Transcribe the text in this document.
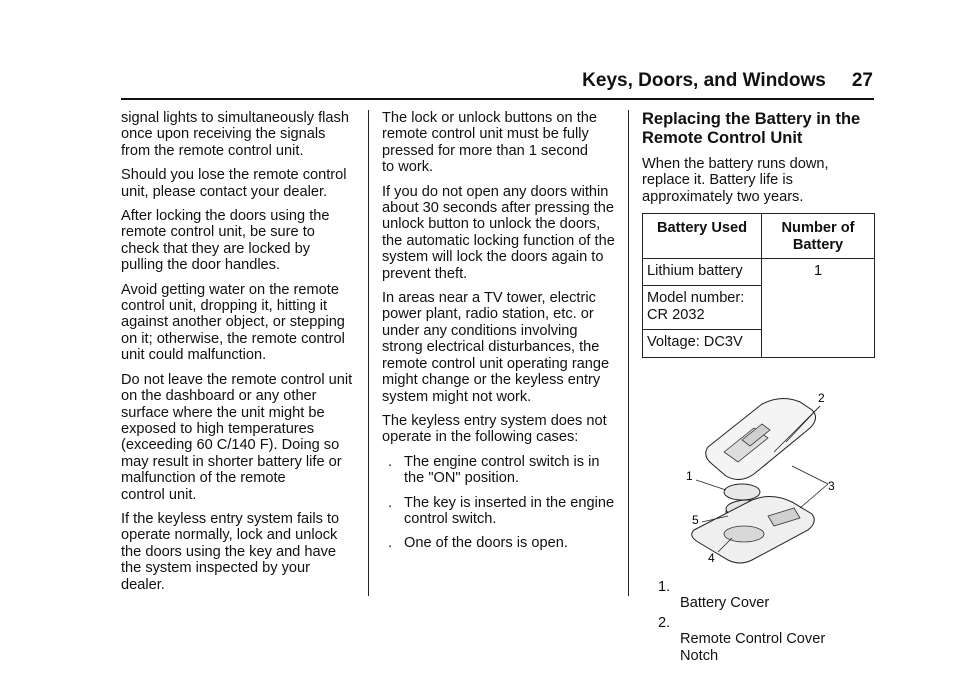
Keys, Doors, and Windows 27

signal lights to simultaneously flash
once upon receiving the signals
from the remote control unit.

Should you lose the remote control
unit, please contact your dealer.

After locking the doors using the
remote control unit, be sure to
check that they are locked by
pulling the door handles.

Avoid getting water on the remote
control unit, dropping it, hitting it
against another object, or stepping
on it; otherwise, the remote control
unit could malfunction.

Do not leave the remote control unit
on the dashboard or any other
surface where the unit might be
exposed to high temperatures
(exceeding 60 C/140 F). Doing so
may result in shorter battery life or
malfunction of the remote
control unit.

If the keyless entry system fails to
operate normally, lock and unlock
the doors using the key and have
the system inspected by your
dealer.

The lock or unlock buttons on the
remote control unit must be fully
pressed for more than 1 second
to work.

If you do not open any doors within
about 30 seconds after pressing the
unlock button to unlock the doors,
the automatic locking function of the
system will lock the doors again to
prevent theft.

In areas near a TV tower, electric
power plant, radio station, etc. or
under any conditions involving
strong electrical disturbances, the
remote control unit operating range
might change or the keyless entry
system might not work.

The keyless entry system does not
operate in the following cases:

. The engine control switch is in
the "ON" position.
. The key is inserted in the engine
control switch.
. One of the doors is open.
Replacing the Battery in the
Remote Control Unit

When the battery runs down,
replace it. Battery life is
approximately two years.

Battery Used	Number of
Battery
Lithium battery	1
Model number:
CR 2032	
Voltage: DC3V	
1
2
3
4
5

1.
Battery Cover

2.
Remote Control Cover
Notch
